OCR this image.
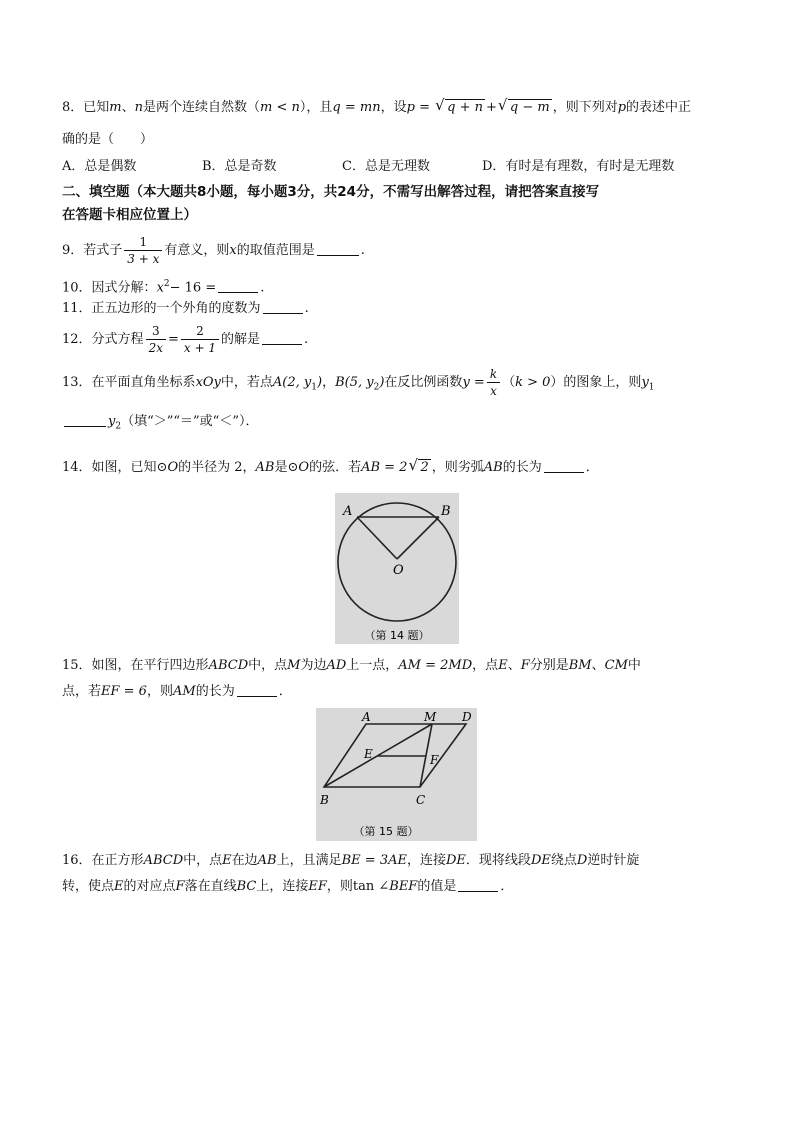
8．已知m、n是两个连续自然数（m < n），且q = mn，设p = √ q + n + √ q − m ，则下列对p的表述中正
确的是（　　）
A．总是偶数	B．总是奇数	C．总是无理数	D．有时是有理数，有时是无理数
二、填空题（本大题共8小题，每小题3分，共24分，不需写出解答过程，请把答案直接写
在答题卡相应位置上）
9．若式子 $\frac{1}{3 + x}$ 有意义，则x的取值范围是	.
10．因式分解：$x^2- 16$ =	.
11．正五边形的一个外角的度数为	.
12．分式方程 $\frac{3}{2x} = \frac{2}{x + 1}$ 的解是	.
13．在平面直角坐标系xOy中，若点A(2, $y_1$)，B(5, $y_2$)在反比例函数$y = \frac{k}{x} (k > 0)$的图象上，则$y_1$
$y_2$（填“＞”“＝”或“＜”）．
14．如图，已知⊙O的半径为 2，AB是⊙O的弦．若AB = 2 √ 2 ，则劣弧AB的长为	．
A	B
O
（第 14 题）
15．如图，在平行四边形ABCD中，点M为边AD上一点，AM = 2MD，点E、F分别是BM、CM中
点，若EF = 6，则AM的长为	．
A	M D
E	F
B	C
（第 15 题）
16．在正方形ABCD中，点E在边AB上，且满足BE = 3AE，连接DE．现将线段DE绕点D逆时针旋
转，使点E的对应点F落在直线BC上，连接EF，则tan ∠BEF的值是	．
